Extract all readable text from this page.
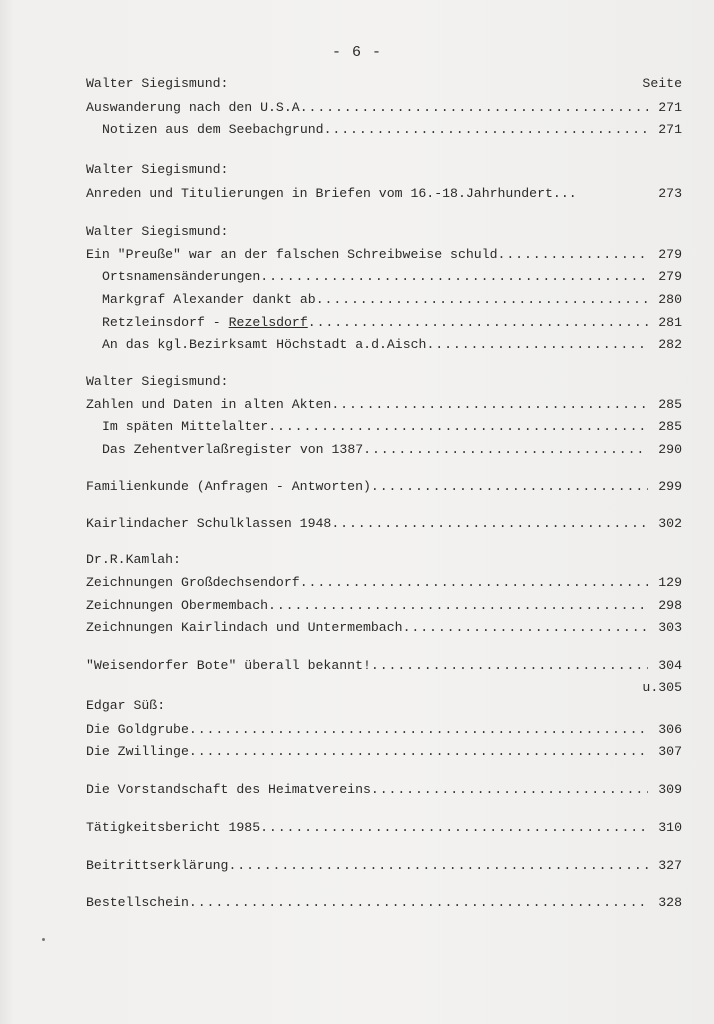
- 6 -
Walter Siegismund:	Seite
Auswanderung nach den U.S.A .....	271
Notizen aus dem Seebachgrund .....	271
Walter Siegismund:
Anreden und Titulierungen in Briefen vom 16.-18.Jahrhundert...	273
Walter Siegismund:
Ein "Preuße" war an der falschen Schreibweise schuld .....	279
Ortsnamensänderungen .....	279
Markgraf Alexander dankt ab .....	280
Retzleinsdorf - Rezelsdorf .....	281
An das kgl.Bezirksamt Höchstadt a.d.Aisch .....	282
Walter Siegismund:
Zahlen und Daten in alten Akten .....	285
Im späten Mittelalter .....	285
Das Zehentverlaßregister von 1387 .....	290
Familienkunde (Anfragen - Antworten) .....	299
Kairlindacher Schulklassen 1948 .....	302
Dr.R.Kamlah:
Zeichnungen Großdechsendorf .....	129
Zeichnungen Obermembach .....	298
Zeichnungen Kairlindach und Untermembach .....	303
"Weisendorfer Bote" überall bekannt! .....	304
u.305
Edgar Süß:
Die Goldgrube .....	306
Die Zwillinge .....	307
Die Vorstandschaft des Heimatvereins .....	309
Tätigkeitsbericht 1985 .....	310
Beitrittserklärung .....	327
Bestellschein .....	328
